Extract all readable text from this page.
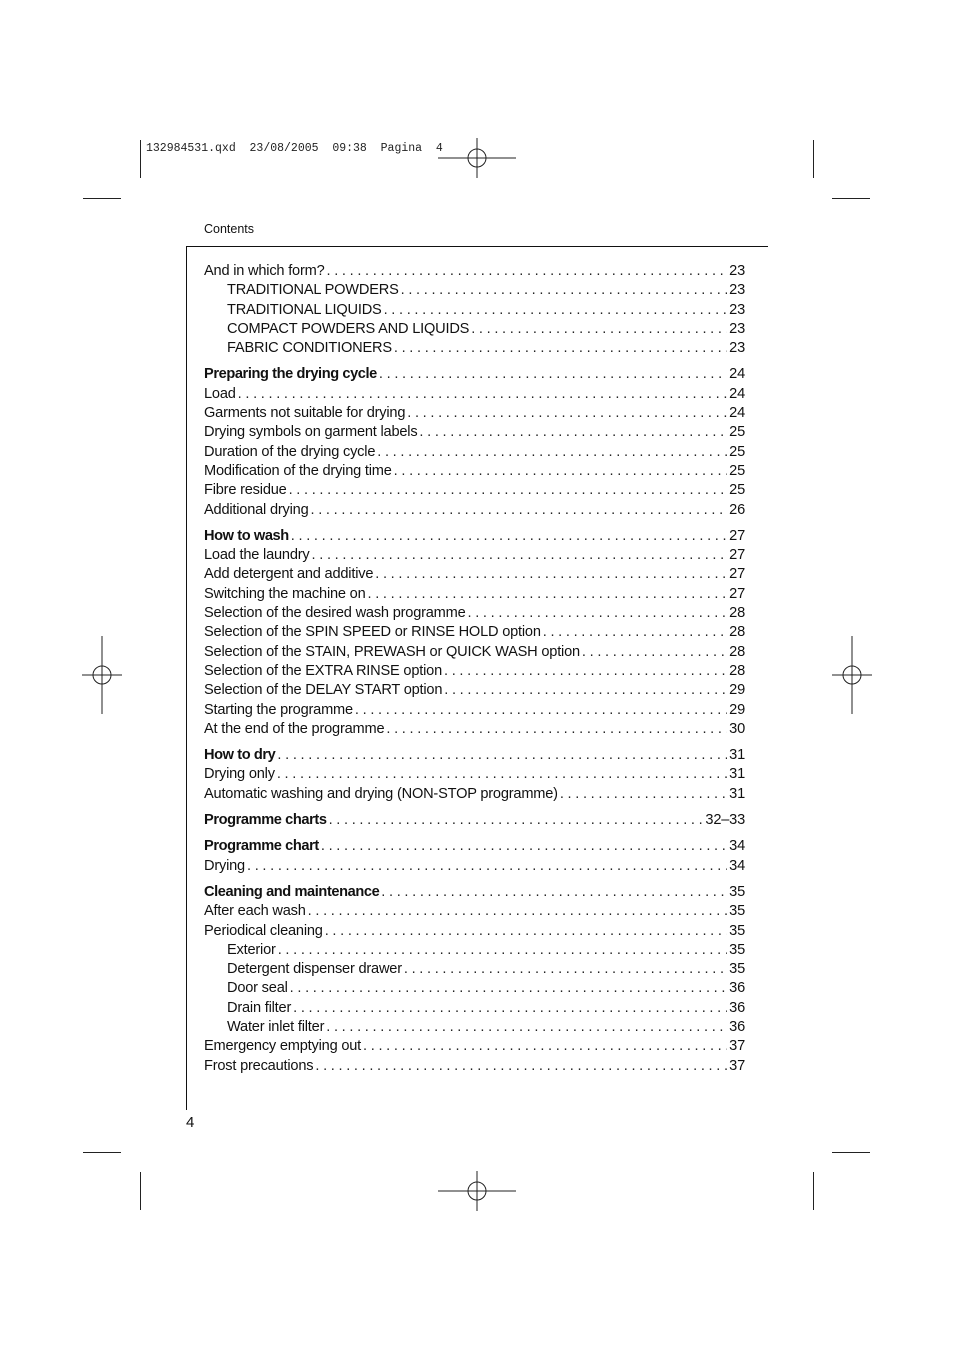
132984531.qxd  23/08/2005  09:38  Pagina  4
Contents
And in which form? . . .	23
TRADITIONAL POWDERS . . .	23
TRADITIONAL LIQUIDS . . .	23
COMPACT POWDERS AND LIQUIDS . . .	23
FABRIC CONDITIONERS . . .	23
Preparing the drying cycle . . .	24
Load . . .	24
Garments not suitable for drying . . .	24
Drying symbols on garment labels . . .	25
Duration of the drying cycle . . .	25
Modification of the drying time . . .	25
Fibre residue . . .	25
Additional drying . . .	26
How to wash . . .	27
Load the laundry . . .	27
Add detergent and additive . . .	27
Switching the machine on . . .	27
Selection of the desired wash programme . . .	28
Selection of the SPIN SPEED or RINSE HOLD option . . .	28
Selection of the STAIN, PREWASH or QUICK WASH option . . .	28
Selection of the EXTRA RINSE option . . .	28
Selection of the DELAY START option . . .	29
Starting the programme . . .	29
At the end of the programme . . .	30
How to dry . . .	31
Drying only . . .	31
Automatic washing and drying (NON-STOP programme) . . .	31
Programme charts . . .	32–33
Programme chart . . .	34
Drying . . .	34
Cleaning and maintenance . . .	35
After each wash . . .	35
Periodical cleaning . . .	35
Exterior . . .	35
Detergent dispenser drawer . . .	35
Door seal . . .	36
Drain filter . . .	36
Water inlet filter . . .	36
Emergency emptying out . . .	37
Frost precautions . . .	37
4
